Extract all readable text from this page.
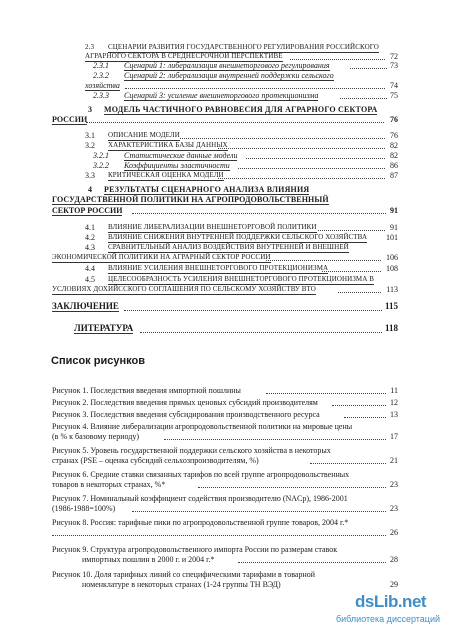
2.3 СЦЕНАРИИ РАЗВИТИЯ ГОСУДАРСТВЕННОГО РЕГУЛИРОВАНИЯ РОССИЙСКОГО
АГРАРНОГО СЕКТОРА В СРЕДНЕСРОЧНОЙ ПЕРСПЕКТИВЕ	72
2.3.1 Сценарий 1: либерализация внешнеторгового регулирования	73
2.3.2 Сценарий 2: либерализация внутренней поддержки сельского
хозяйства	74
2.3.3 Сценарий 3: усиление внешнеторгового протекционизма	75
3 МОДЕЛЬ ЧАСТИЧНОГО РАВНОВЕСИЯ ДЛЯ АГРАРНОГО СЕКТОРА
РОССИИ	76
3.1 ОПИСАНИЕ МОДЕЛИ	76
3.2 ХАРАКТЕРИСТИКА БАЗЫ ДАННЫХ	82
3.2.1 Статистические данные модели	82
3.2.2 Коэффициенты эластичности	86
3.3 КРИТИЧЕСКАЯ ОЦЕНКА МОДЕЛИ	87
4 РЕЗУЛЬТАТЫ СЦЕНАРНОГО АНАЛИЗА ВЛИЯНИЯ
ГОСУДАРСТВЕННОЙ ПОЛИТИКИ НА АГРОПРОДОВОЛЬСТВЕННЫЙ
СЕКТОР РОССИИ	91
4.1 ВЛИЯНИЕ ЛИБЕРАЛИЗАЦИИ ВНЕШНЕТОРГОВОЙ ПОЛИТИКИ	91
4.2 ВЛИЯНИЕ СНИЖЕНИЯ ВНУТРЕННЕЙ ПОДДЕРЖКИ СЕЛЬСКОГО ХОЗЯЙСТВА 101
4.3 СРАВНИТЕЛЬНЫЙ АНАЛИЗ ВОЗДЕЙСТВИЯ ВНУТРЕННЕЙ И ВНЕШНЕЙ
ЭКОНОМИЧЕСКОЙ ПОЛИТИКИ НА АГРАРНЫЙ СЕКТОР РОССИИ	106
4.4 ВЛИЯНИЕ УСИЛЕНИЯ ВНЕШНЕТОРГОВОГО ПРОТЕКЦИОНИЗМА	108
4.5 ЦЕЛЕСООБРАЗНОСТЬ УСИЛЕНИЯ ВНЕШНЕТОРГОВОГО ПРОТЕКЦИОНИЗМА В
УСЛОВИЯХ ДОХИЙССКОГО СОГЛАШЕНИЯ ПО СЕЛЬСКОМУ ХОЗЯЙСТВУ ВТО	113
ЗАКЛЮЧЕНИЕ	115
ЛИТЕРАТУРА	118
Список рисунков
Рисунок 1. Последствия введения импортной пошлины	11
Рисунок 2. Последствия введения прямых ценовых субсидий производителям	12
Рисунок 3. Последствия введения субсидирования производственного ресурса	13
Рисунок 4. Влияние либерализации агропродовольственной политики на мировые цены
(в % к базовому периоду)	17
Рисунок 5. Уровень государственной поддержки сельского хозяйства в некоторых
странах (PSE – оценка субсидий сельхозпроизводителям, %)	21
Рисунок 6. Средние ставки связанных тарифов по всей группе агропродовольственных
товаров в некоторых странах, %*	23
Рисунок 7. Номинальный коэффициент содействия производителю (NACp), 1986-2001
(1986-1988=100%)	23
Рисунок 8. Россия: тарифные пики по агропродовольственной группе товаров, 2004 г.*
26
Рисунок 9. Структура агропродовольственного импорта России по размерам ставок
импортных пошлин в 2000 г. и 2004 г.*	28
Рисунок 10. Доля тарифных линий со специфическими тарифами в товарной
номенклатуре в некоторых странах (1-24 группы ТН ВЭД)	29
dsLib.net
библиотека диссертаций
